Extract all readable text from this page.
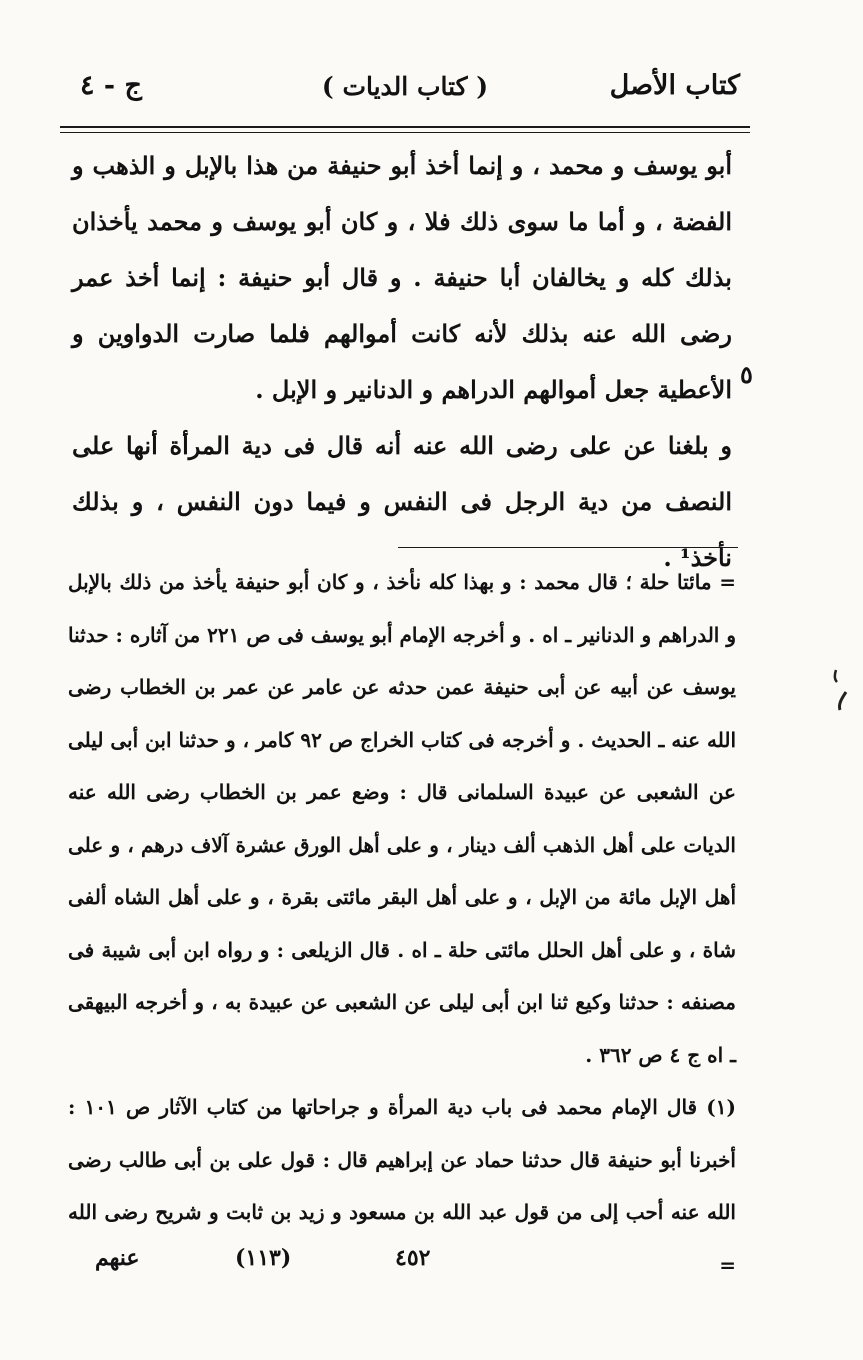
كتاب الأصل
( كتاب الديات )
ج - ٤

أبو يوسف و محمد ، و إنما أخذ أبو حنيفة من هذا بالإبل و الذهب و الفضة ، و أما ما سوى ذلك فلا ، و كان أبو يوسف و محمد يأخذان بذلك كله و يخالفان أبا حنيفة . و قال أبو حنيفة : إنما أخذ عمر رضى الله عنه بذلك لأنه كانت أموالهم فلما صارت الدواوين و الأعطية جعل أموالهم الدراهم و الدنانير و الإبل .

و بلغنا عن على رضى الله عنه أنه قال فى دية المرأة أنها على النصف من دية الرجل فى النفس و فيما دون النفس ، و بذلك نأخذ¹ .

٥

= مائتا حلة ؛ قال محمد : و بهذا كله نأخذ ، و كان أبو حنيفة يأخذ من ذلك بالإبل و الدراهم و الدنانير ـ اه . و أخرجه الإمام أبو يوسف فى ص ٢٢١ من آثاره : حدثنا يوسف عن أبيه عن أبى حنيفة عمن حدثه عن عامر عن عمر بن الخطاب رضى الله عنه ـ الحديث . و أخرجه فى كتاب الخراج ص ٩٢ كامر ، و حدثنا ابن أبى ليلى عن الشعبى عن عبيدة السلمانى قال : وضع عمر بن الخطاب رضى الله عنه الديات على أهل الذهب ألف دينار ، و على أهل الورق عشرة آلاف درهم ، و على أهل الإبل مائة من الإبل ، و على أهل البقر مائتى بقرة ، و على أهل الشاه ألفى شاة ، و على أهل الحلل مائتى حلة ـ اه . قال الزيلعى : و رواه ابن أبى شيبة فى مصنفه : حدثنا وكيع ثنا ابن أبى ليلى عن الشعبى عن عبيدة به ، و أخرجه البيهقى ـ اه ج ٤ ص ٣٦٢ .

(١) قال الإمام محمد فى باب دية المرأة و جراحاتها من كتاب الآثار ص ١٠١ : أخبرنا أبو حنيفة قال حدثنا حماد عن إبراهيم قال : قول على بن أبى طالب رضى الله عنه أحب إلى من قول عبد الله بن مسعود و زيد بن ثابت و شريح رضى الله =

عنهم	(١١٣)	٤٥٢
